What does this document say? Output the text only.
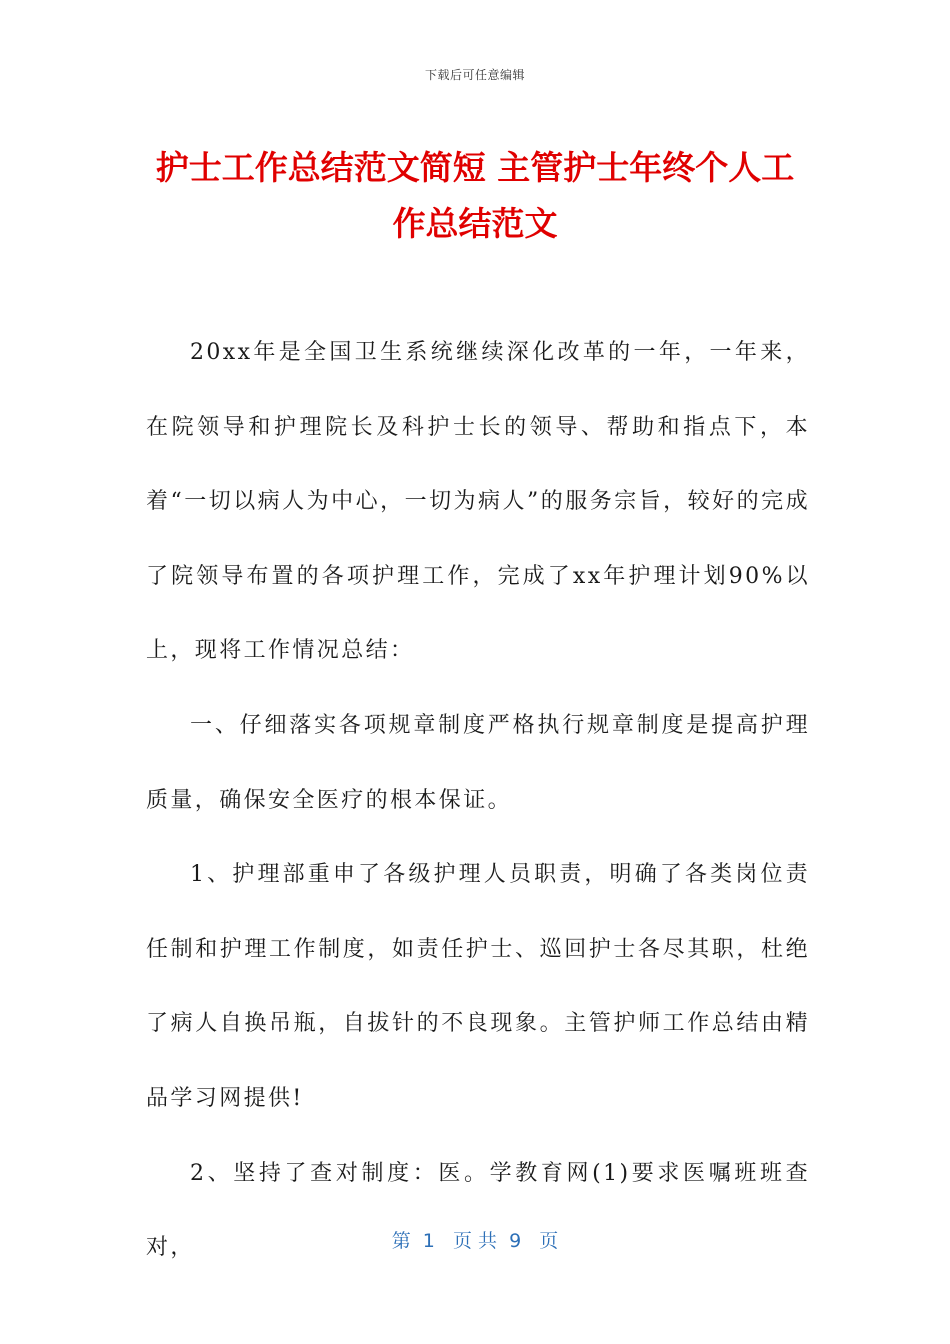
下载后可任意编辑
护士工作总结范文简短 主管护士年终个人工作总结范文

20xx年是全国卫生系统继续深化改革的一年，一年来，在院领导和护理院长及科护士长的领导、帮助和指点下，本着“一切以病人为中心，一切为病人”的服务宗旨，较好的完成了院领导布置的各项护理工作，完成了xx年护理计划90%以上，现将工作情况总结：

一、仔细落实各项规章制度严格执行规章制度是提高护理质量，确保安全医疗的根本保证。

1、护理部重申了各级护理人员职责，明确了各类岗位责任制和护理工作制度，如责任护士、巡回护士各尽其职，杜绝了病人自换吊瓶，自拔针的不良现象。主管护师工作总结由精品学习网提供!

2、坚持了查对制度：医。学教育网(1)要求医嘱班班查对，	第  1   页 共  9   页
